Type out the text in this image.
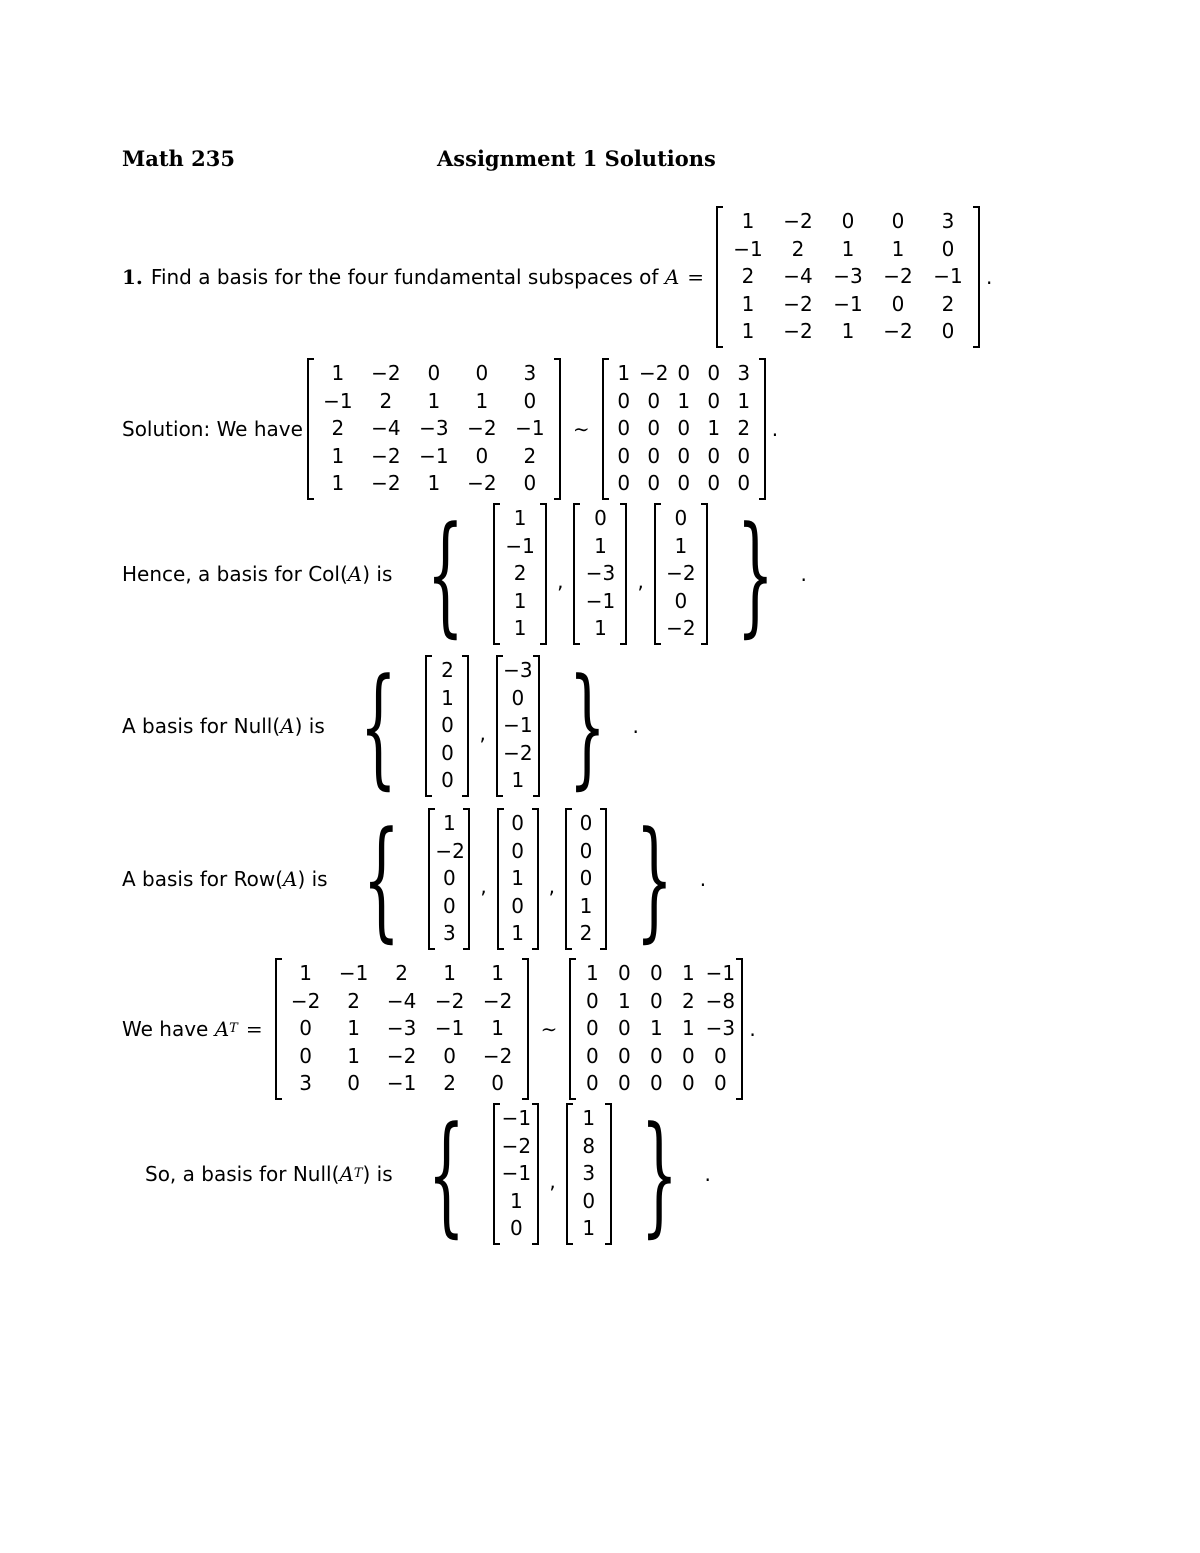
Math 235	Assignment 1 Solutions
1. Find a basis for the four fundamental subspaces of A =
1	−2	0	0	3
−1	2	1	1	0
2	−4	−3	−2	−1
1	−2	−1	0	2
1	−2	1	−2	0
.
Solution: We have
1	−2	0	0	3
−1	2	1	1	0
2	−4 −3 −2 −1
1	−2 −1	0	2
1	−2	1	−2	0
∼
1 −2 0 0 3
0 0 1 0 1
0 0 0 1 2
0 0 0 0 0
0 0 0 0 0
.
Hence, a basis for Col( A ) is {	1
−1
2
1
1
,
0
1
−3
−1
1
,
0
1
−2
0
−2 } .
A basis for Null( A ) is {	2
1
0
0
0
,
−3
0
−1
−2
1 } .
A basis for Row( A ) is {	1
−2
0
0
3
,
0
0
1
0
1
,
0
0
0
1
2 } .
We have A T =
1	−1	2	1	1
−2	2	−4 −2 −2
0	1	−3 −1	1
0	1	−2	0	−2
3	0	−1	2	0
∼
1 0 0 1 −1
0 1 0 2 −8
0 0 1 1 −3
0 0 0 0 0
0 0 0 0 0
.
So, a basis for Null( A T ) is { −1
−2
−1
1
0
,
1
8
3
0
1 } .
